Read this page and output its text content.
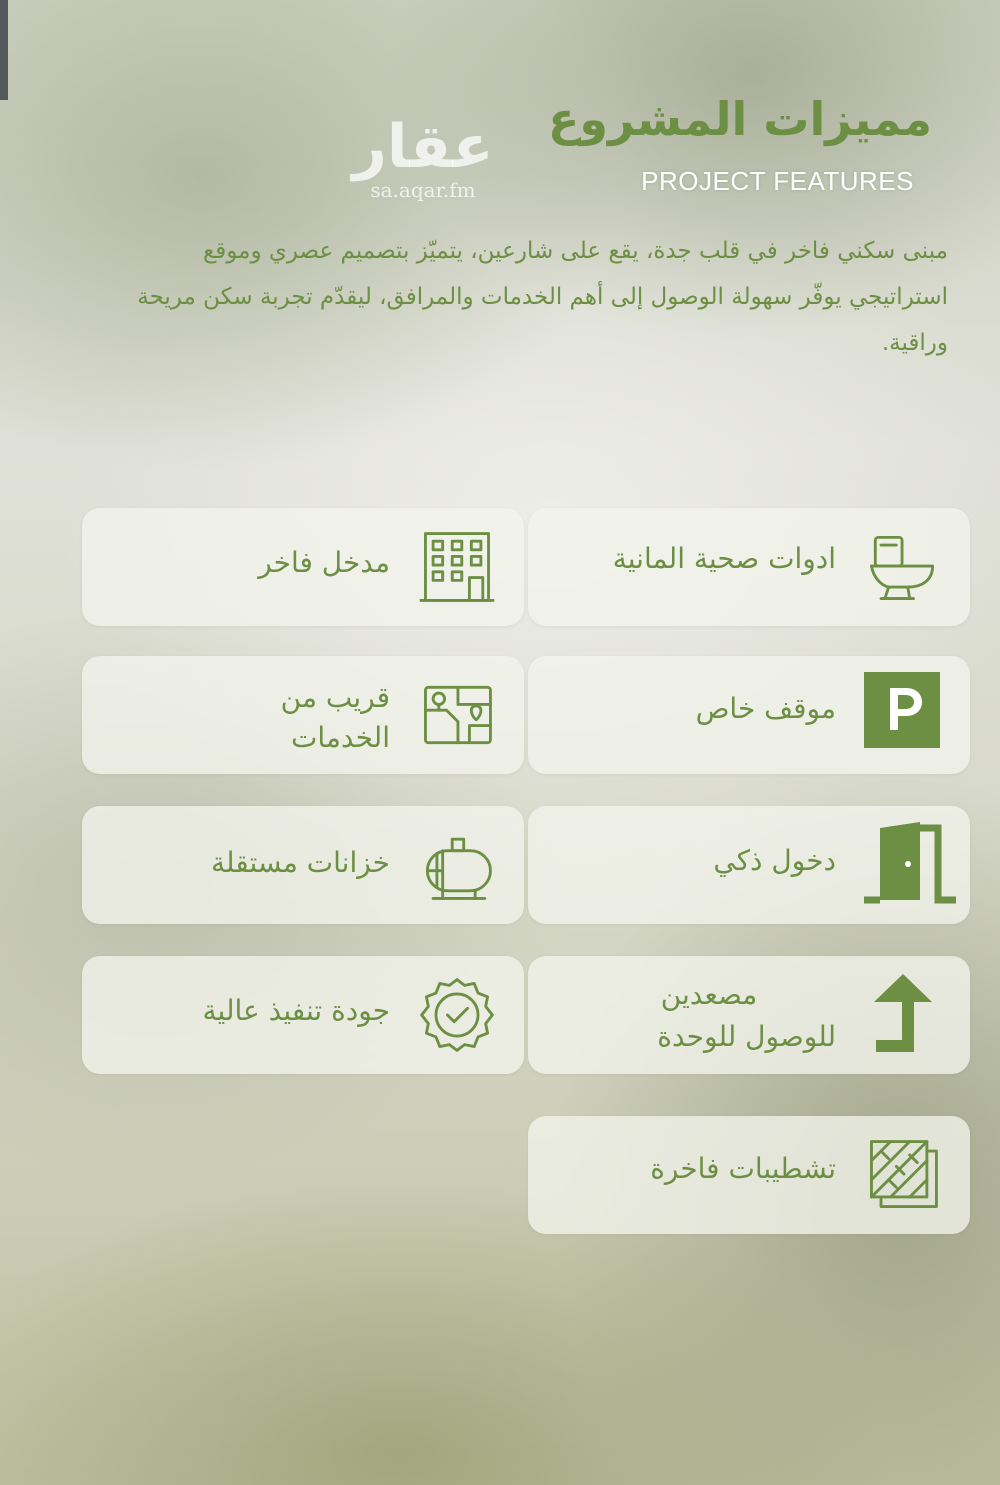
عقار
sa.aqar.fm
مميزات المشروع
PROJECT FEATURES

مبنى سكني فاخر في قلب جدة، يقع على شارعين، يتميّز بتصميم عصري وموقع استراتيجي يوفّر سهولة الوصول إلى أهم الخدمات والمرافق، ليقدّم تجربة سكن مريحة وراقية.

ادوات صحية المانية
مدخل فاخر
موقف خاص
قريب من
الخدمات
دخول ذكي
خزانات مستقلة
مصعدين
للوصول للوحدة
جودة تنفيذ عالية
تشطيبات فاخرة
